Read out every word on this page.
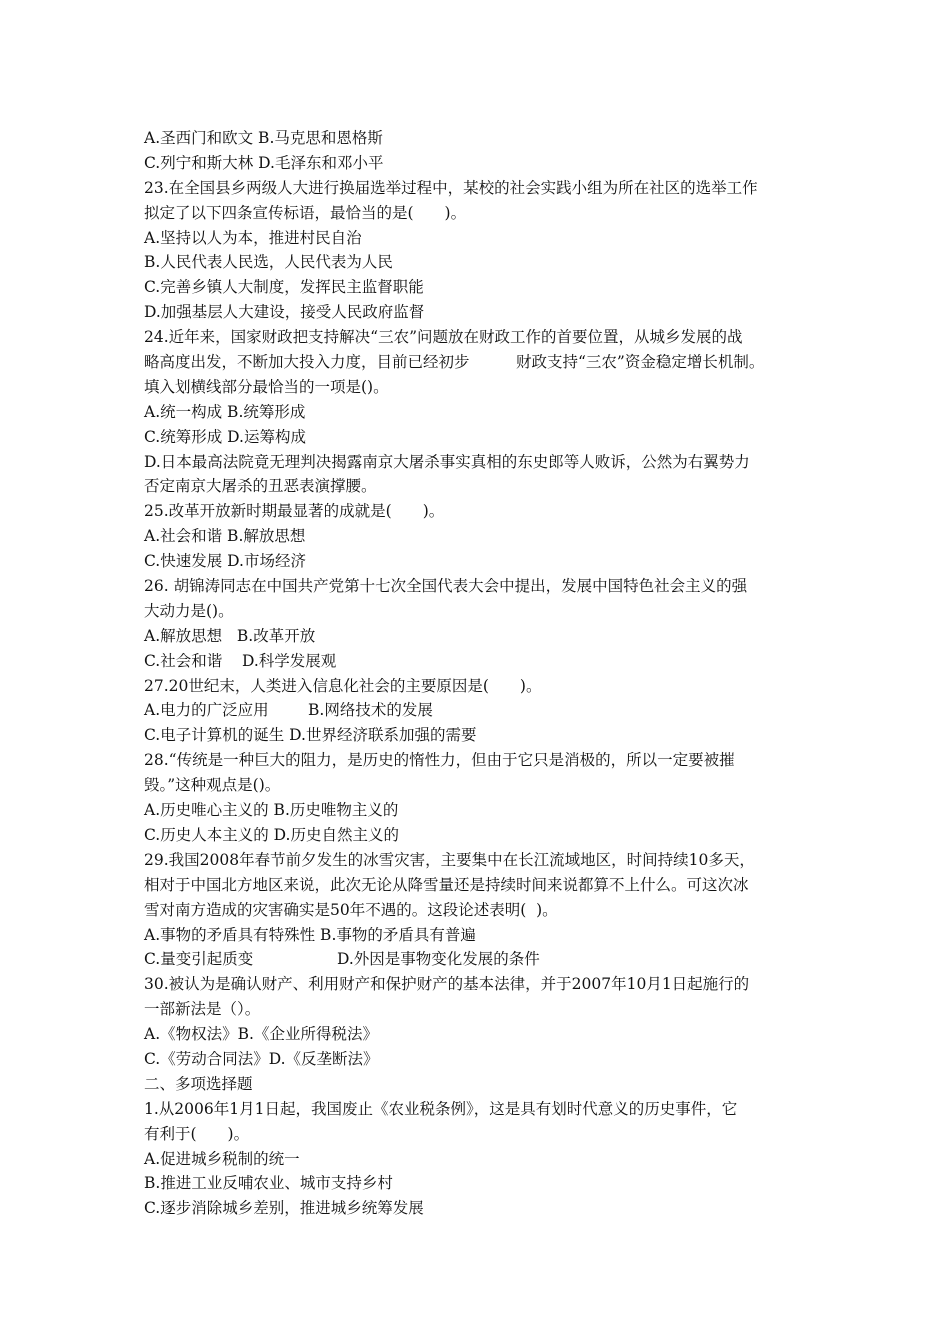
A.圣西门和欧文 B.马克思和恩格斯
C.列宁和斯大林 D.毛泽东和邓小平
23.在全国县乡两级人大进行换届选举过程中，某校的社会实践小组为所在社区的选举工作
拟定了以下四条宣传标语，最恰当的是(　　)。
A.坚持以人为本，推进村民自治
B.人民代表人民选，人民代表为人民
C.完善乡镇人大制度，发挥民主监督职能
D.加强基层人大建设，接受人民政府监督
24.近年来，国家财政把支持解决“三农”问题放在财政工作的首要位置，从城乡发展的战
略高度出发，不断加大投入力度，目前已经初步　　　财政支持“三农”资金稳定增长机制。
填入划横线部分最恰当的一项是()。
A.统一构成 B.统筹形成
C.统筹形成 D.运筹构成
D.日本最高法院竟无理判决揭露南京大屠杀事实真相的东史郎等人败诉，公然为右翼势力
否定南京大屠杀的丑恶表演撑腰。
25.改革开放新时期最显著的成就是(　　)。
A.社会和谐 B.解放思想
C.快速发展 D.市场经济
26. 胡锦涛同志在中国共产党第十七次全国代表大会中提出，发展中国特色社会主义的强
大动力是()。
A.解放思想   B.改革开放
C.社会和谐    D.科学发展观
27.20世纪末，人类进入信息化社会的主要原因是(　　)。
A.电力的广泛应用        B.网络技术的发展
C.电子计算机的诞生 D.世界经济联系加强的需要
28.“传统是一种巨大的阻力，是历史的惰性力，但由于它只是消极的，所以一定要被摧
毁。”这种观点是()。
A.历史唯心主义的 B.历史唯物主义的
C.历史人本主义的 D.历史自然主义的
29.我国2008年春节前夕发生的冰雪灾害，主要集中在长江流域地区，时间持续10多天，
相对于中国北方地区来说，此次无论从降雪量还是持续时间来说都算不上什么。可这次冰
雪对南方造成的灾害确实是50年不遇的。这段论述表明(  )。
A.事物的矛盾具有特殊性 B.事物的矛盾具有普遍
C.量变引起质变                 D.外因是事物变化发展的条件
30.被认为是确认财产、利用财产和保护财产的基本法律，并于2007年10月1日起施行的
一部新法是（）。
A.《物权法》B.《企业所得税法》
C.《劳动合同法》D.《反垄断法》
二、多项选择题
1.从2006年1月1日起，我国废止《农业税条例》，这是具有划时代意义的历史事件，它
有利于(　　)。
A.促进城乡税制的统一
B.推进工业反哺农业、城市支持乡村
C.逐步消除城乡差别，推进城乡统筹发展
